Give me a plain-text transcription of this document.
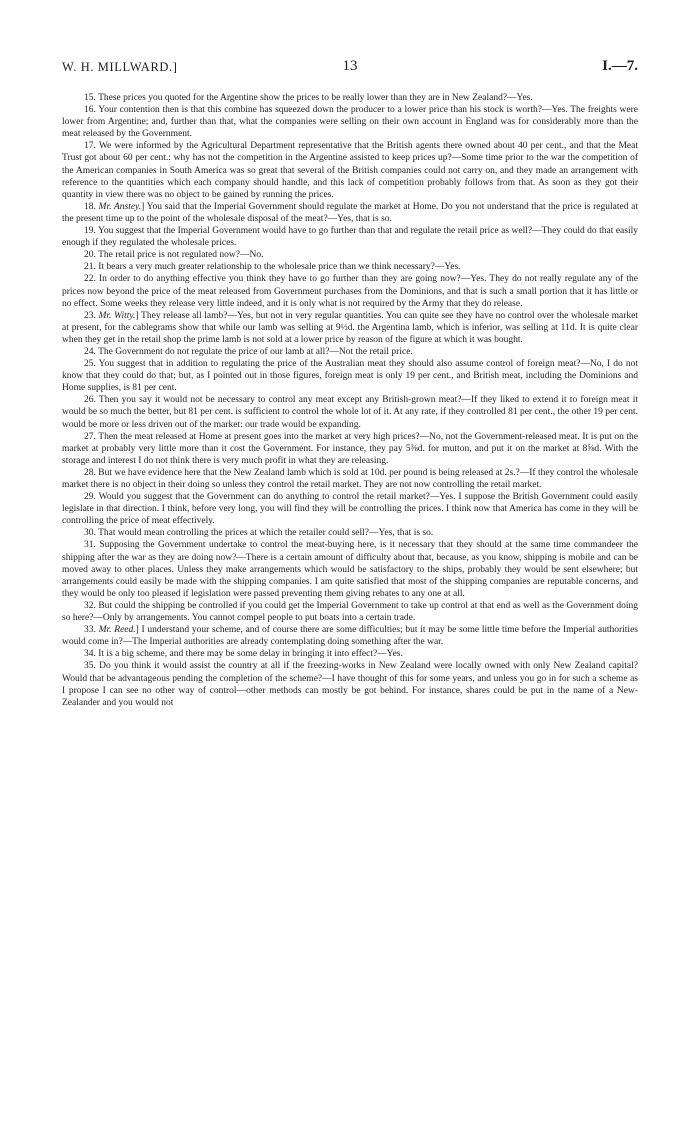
W. H. MILLWARD.]	13	I.—7.

15. These prices you quoted for the Argentine show the prices to be really lower than they are in New Zealand?—Yes.

16. Your contention then is that this combine has squeezed down the producer to a lower price than his stock is worth?—Yes. The freights were lower from Argentine; and, further than that, what the companies were selling on their own account in England was for considerably more than the meat released by the Government.

17. We were informed by the Agricultural Department representative that the British agents there owned about 40 per cent., and that the Meat Trust got about 60 per cent.: why has not the competition in the Argentine assisted to keep prices up?—Some time prior to the war the competition of the American companies in South America was so great that several of the British companies could not carry on, and they made an arrangement with reference to the quantities which each company should handle, and this lack of competition probably follows from that. As soon as they got their quantity in view there was no object to be gained by running the prices.

18. Mr. Anstey.] You said that the Imperial Government should regulate the market at Home. Do you not understand that the price is regulated at the present time up to the point of the wholesale disposal of the meat?—Yes, that is so.

19. You suggest that the Imperial Government would have to go further than that and regulate the retail price as well?—They could do that easily enough if they regulated the wholesale prices.

20. The retail price is not regulated now?—No.

21. It bears a very much greater relationship to the wholesale price than we think necessary?—Yes.

22. In order to do anything effective you think they have to go further than they are going now?—Yes. They do not really regulate any of the prices now beyond the price of the meat released from Government purchases from the Dominions, and that is such a small portion that it has little or no effect. Some weeks they release very little indeed, and it is only what is not required by the Army that they do release.

23. Mr. Witty.] They release all lamb?—Yes, but not in very regular quantities. You can quite see they have no control over the wholesale market at present, for the cablegrams show that while our lamb was selling at 9½d. the Argentina lamb, which is inferior, was selling at 11d. It is quite clear when they get in the retail shop the prime lamb is not sold at a lower price by reason of the figure at which it was bought.

24. The Government do not regulate the price of our lamb at all?—Not the retail price.

25. You suggest that in addition to regulating the price of the Australian meat they should also assume control of foreign meat?—No, I do not know that they could do that; but, as I pointed out in those figures, foreign meat is only 19 per cent., and British meat, including the Dominions and Home supplies, is 81 per cent.

26. Then you say it would not be necessary to control any meat except any British-grown meat?—If they liked to extend it to foreign meat it would be so much the better, but 81 per cent. is sufficient to control the whole lot of it. At any rate, if they controlled 81 per cent., the other 19 per cent. would be more or less driven out of the market: our trade would be expanding.

27. Then the meat released at Home at present goes into the market at very high prices?—No, not the Government-released meat. It is put on the market at probably very little more than it cost the Government. For instance, they pay 5⅜d. for mutton, and put it on the market at 8⅝d. With the storage and interest I do not think there is very much profit in what they are releasing.

28. But we have evidence here that the New Zealand lamb which is sold at 10d. per pound is being released at 2s.?—If they control the wholesale market there is no object in their doing so unless they control the retail market. They are not now controlling the retail market.

29. Would you suggest that the Government can do anything to control the retail market?—Yes. I suppose the British Government could easily legislate in that direction. I think, before very long, you will find they will be controlling the prices. I think now that America has come in they will be controlling the price of meat effectively.

30. That would mean controlling the prices at which the retailer could sell?—Yes, that is so.

31. Supposing the Government undertake to control the meat-buying here, is it necessary that they should at the same time commandeer the shipping after the war as they are doing now?—There is a certain amount of difficulty about that, because, as you know, shipping is mobile and can be moved away to other places. Unless they make arrangements which would be satisfactory to the ships, probably they would be sent elsewhere; but arrangements could easily be made with the shipping companies. I am quite satisfied that most of the shipping companies are reputable concerns, and they would be only too pleased if legislation were passed preventing them giving rebates to any one at all.

32. But could the shipping be controlled if you could get the Imperial Government to take up control at that end as well as the Government doing so here?—Only by arrangements. You cannot compel people to put boats into a certain trade.

33. Mr. Reed.] I understand your scheme, and of course there are some difficulties; but it may be some little time before the Imperial authorities would come in?—The Imperial authorities are already contemplating doing something after the war.

34. It is a big scheme, and there may be some delay in bringing it into effect?—Yes.

35. Do you think it would assist the country at all if the freezing-works in New Zealand were locally owned with only New Zealand capital? Would that be advantageous pending the completion of the scheme?—I have thought of this for some years, and unless you go in for such a scheme as I propose I can see no other way of control—other methods can mostly be got behind. For instance, shares could be put in the name of a New-Zealander and you would not
